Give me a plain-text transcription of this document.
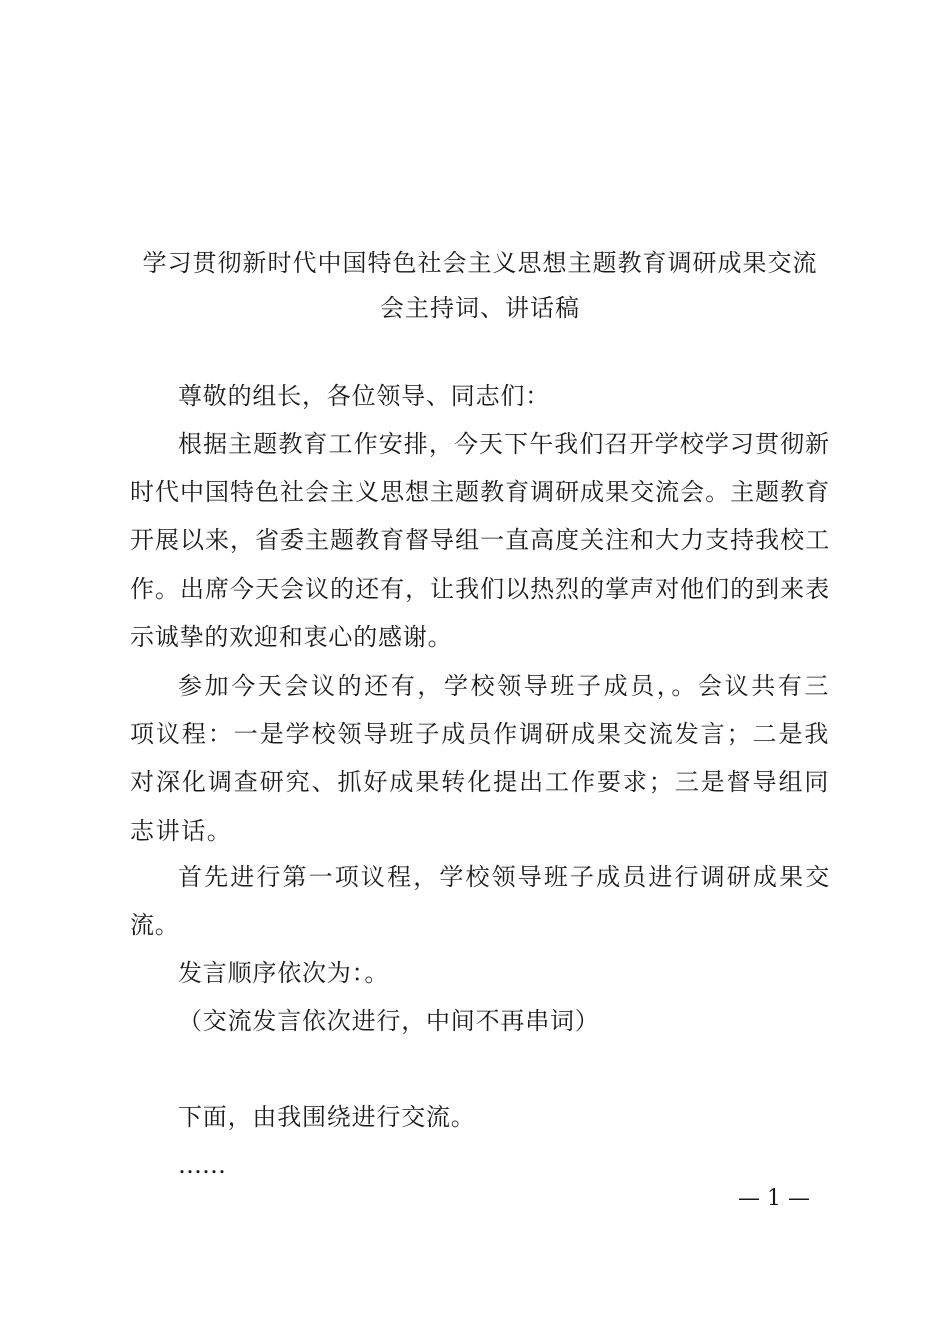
学习贯彻新时代中国特色社会主义思想主题教育调研成果交流
会主持词、讲话稿
尊敬的组长，各位领导、同志们：
根据主题教育工作安排，今天下午我们召开学校学习贯彻新时代中国特色社会主义思想主题教育调研成果交流会。主题教育开展以来，省委主题教育督导组一直高度关注和大力支持我校工作。出席今天会议的还有，让我们以热烈的掌声对他们的到来表示诚挚的欢迎和衷心的感谢。
参加今天会议的还有，学校领导班子成员，。会议共有三项议程：一是学校领导班子成员作调研成果交流发言；二是我对深化调查研究、抓好成果转化提出工作要求；三是督导组同志讲话。
首先进行第一项议程，学校领导班子成员进行调研成果交流。
发言顺序依次为：。
（交流发言依次进行，中间不再串词）
下面，由我围绕进行交流。
……
— 1 —
